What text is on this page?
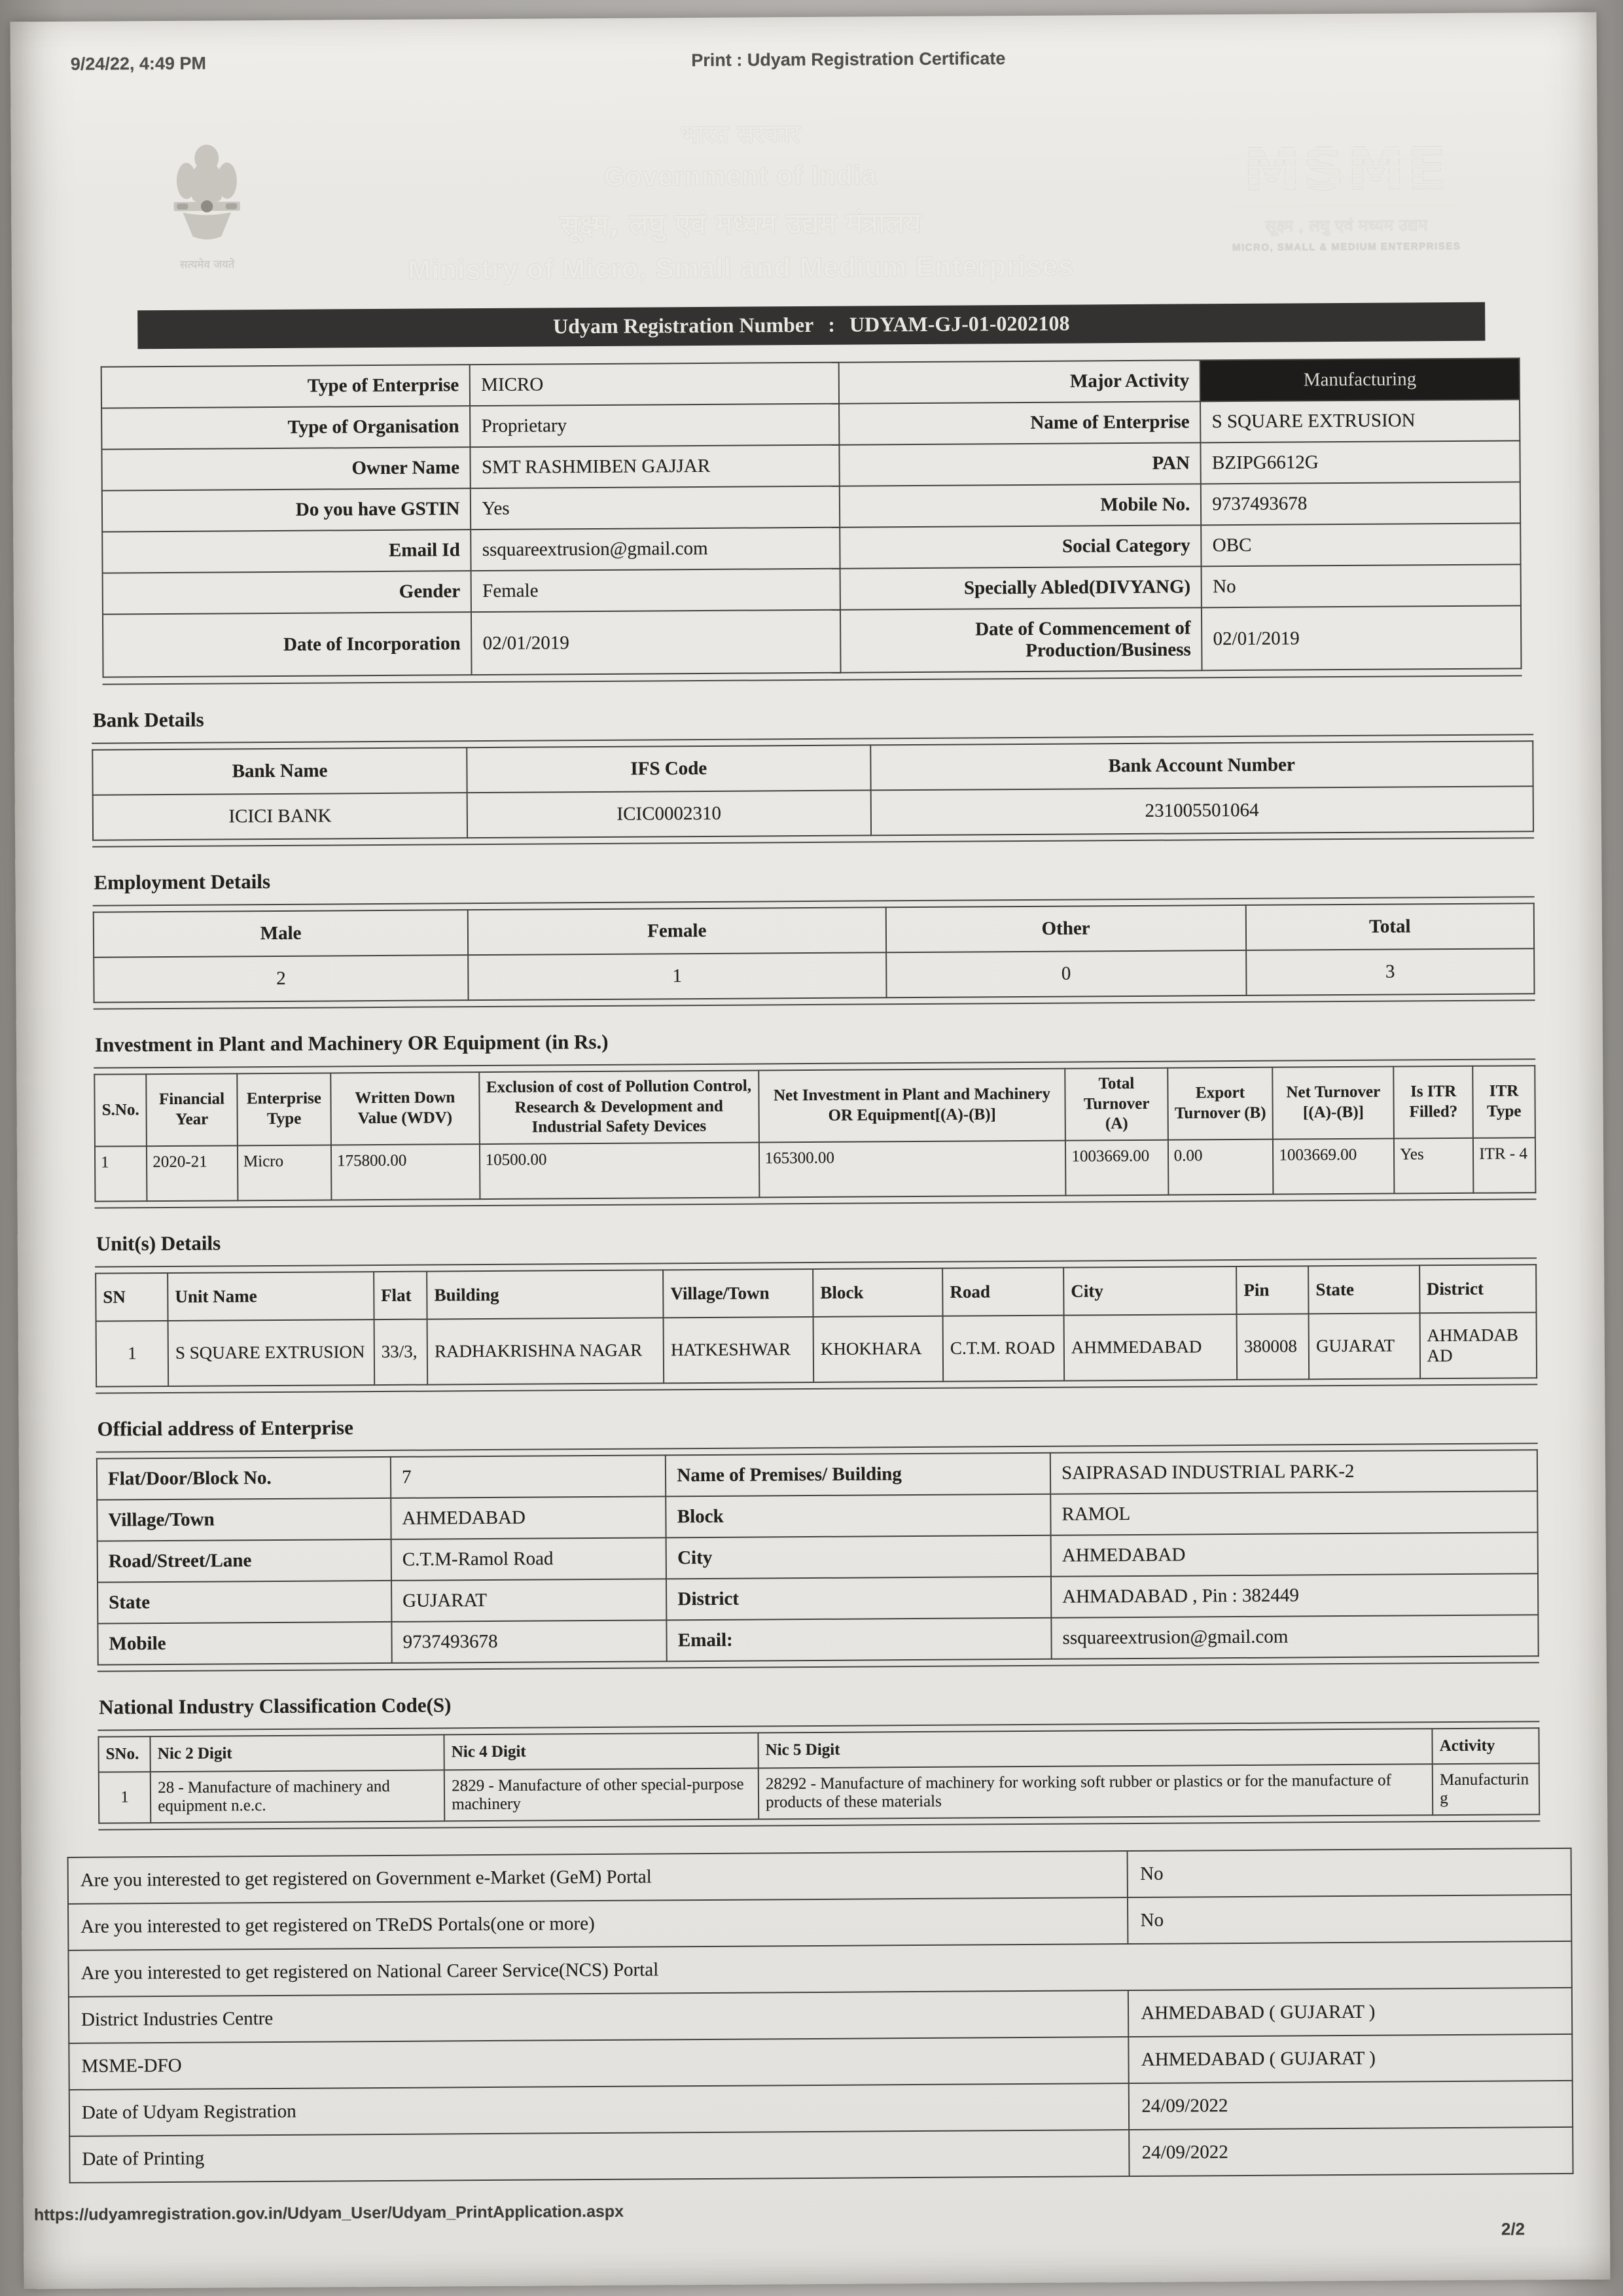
9/24/22, 4:49 PM	Print : Udyam Registration Certificate
सत्यमेव जयते
भारत सरकार
Government of India
सूक्ष्म, लघु एवं मध्यम उद्यम मंत्रालय
Ministry of Micro, Small and Medium Enterprises
MSME
सूक्ष्म , लघु एवं मध्यम उद्यम
MICRO, SMALL & MEDIUM ENTERPRISES
Udyam Registration Number : UDYAM-GJ-01-0202108
Type of Enterprise	MICRO	Major Activity	Manufacturing
Type of Organisation	Proprietary	Name of Enterprise	S SQUARE EXTRUSION
Owner Name	SMT RASHMIBEN GAJJAR	PAN	BZIPG6612G
Do you have GSTIN	Yes	Mobile No.	9737493678
Email Id	ssquareextrusion@gmail.com	Social Category	OBC
Gender	Female	Specially Abled(DIVYANG)	No
Date of Incorporation	02/01/2019	Date of Commencement of Production/Business	02/01/2019
Bank Details
Bank Name	IFS Code	Bank Account Number
ICICI BANK	ICIC0002310	231005501064
Employment Details
Male	Female	Other	Total
2	1	0	3
Investment in Plant and Machinery OR Equipment (in Rs.)
S.No.	Financial Year	Enterprise Type	Written Down Value (WDV)	Exclusion of cost of Pollution Control, Research & Development and Industrial Safety Devices	Net Investment in Plant and Machinery OR Equipment[(A)-(B)]	Total Turnover (A)	Export Turnover (B)	Net Turnover [(A)-(B)]	Is ITR Filled?	ITR Type
1	2020-21	Micro	175800.00	10500.00	165300.00	1003669.00	0.00	1003669.00	Yes	ITR - 4
Unit(s) Details
SN	Unit Name	Flat	Building	Village/Town	Block	Road	City	Pin	State	District
1	S SQUARE EXTRUSION	33/3,	RADHAKRISHNA NAGAR	HATKESHWAR	KHOKHARA	C.T.M. ROAD	AHMMEDABAD	380008	GUJARAT	AHMADABAD
Official address of Enterprise
Flat/Door/Block No.	7	Name of Premises/ Building	SAIPRASAD INDUSTRIAL PARK-2
Village/Town	AHMEDABAD	Block	RAMOL
Road/Street/Lane	C.T.M-Ramol Road	City	AHMEDABAD
State	GUJARAT	District	AHMADABAD , Pin : 382449
Mobile	9737493678	Email:	ssquareextrusion@gmail.com
National Industry Classification Code(S)
SNo.	Nic 2 Digit	Nic 4 Digit	Nic 5 Digit	Activity
1	28 - Manufacture of machinery and equipment n.e.c.	2829 - Manufacture of other special-purpose machinery	28292 - Manufacture of machinery for working soft rubber or plastics or for the manufacture of products of these materials	Manufacturing
Are you interested to get registered on Government e-Market (GeM) Portal	No
Are you interested to get registered on TReDS Portals(one or more)	No
Are you interested to get registered on National Career Service(NCS) Portal	
District Industries Centre	AHMEDABAD ( GUJARAT )
MSME-DFO	AHMEDABAD ( GUJARAT )
Date of Udyam Registration	24/09/2022
Date of Printing	24/09/2022
https://udyamregistration.gov.in/Udyam_User/Udyam_PrintApplication.aspx
2/2
